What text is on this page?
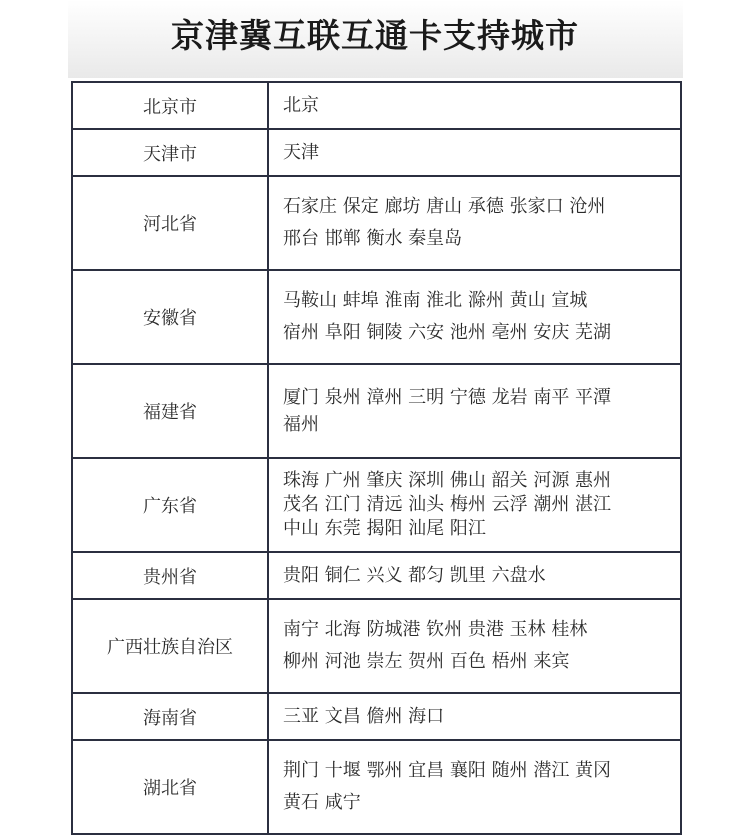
京津冀互联互通卡支持城市
北京市	北京

天津市	天津

河北省	石家庄 保定 廊坊 唐山 承德 张家口 沧州
邢台 邯郸 衡水 秦皇岛

安徽省	马鞍山 蚌埠 淮南 淮北 滁州 黄山 宣城
宿州 阜阳 铜陵 六安 池州 亳州 安庆 芜湖

福建省	厦门 泉州 漳州 三明 宁德 龙岩 南平 平潭
福州

广东省	珠海 广州 肇庆 深圳 佛山 韶关 河源 惠州
茂名 江门 清远 汕头 梅州 云浮 潮州 湛江
中山 东莞 揭阳 汕尾 阳江

贵州省	贵阳 铜仁 兴义 都匀 凯里 六盘水

广西壮族自治区	南宁 北海 防城港 钦州 贵港 玉林 桂林
柳州 河池 崇左 贺州 百色 梧州 来宾

海南省	三亚 文昌 儋州 海口

湖北省	荆门 十堰 鄂州 宜昌 襄阳 随州 潜江 黄冈
黄石 咸宁
